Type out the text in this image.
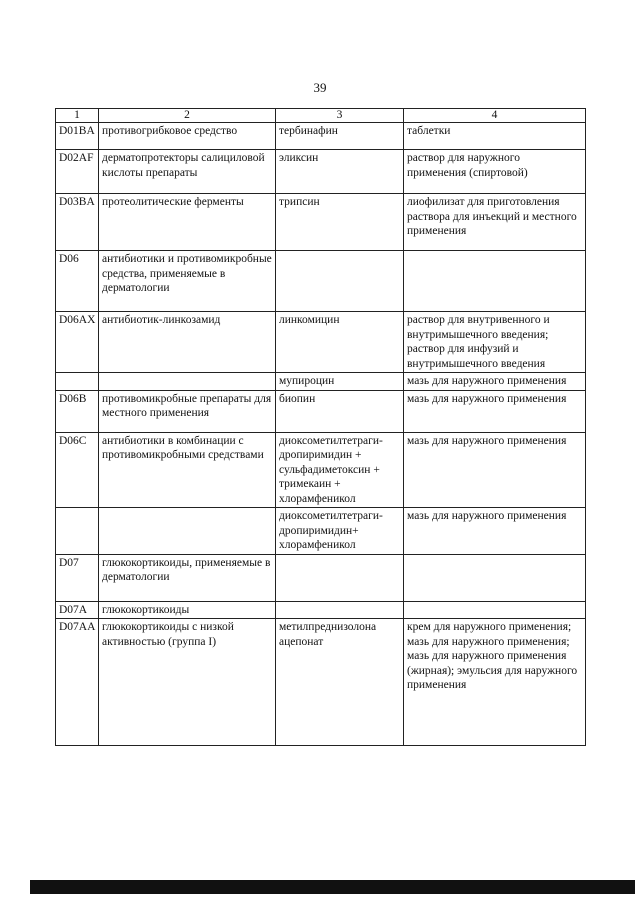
39
1	2	3	4
D01BA	противогрибковое средство	тербинафин	таблетки
D02AF	дерматопротекторы салициловой кислоты препараты	эликсин	раствор для наружного применения (спиртовой)
D03BA	протеолитические ферменты	трипсин	лиофилизат для приготовления раствора для инъекций и местного применения
D06	антибиотики и противомикробные средства, применяемые в дерматологии		
D06AX	антибиотик-линкозамид	линкомицин	раствор для внутривенного и внутримышечного введения; раствор для инфузий и внутримышечного введения
		мупироцин	мазь для наружного применения
D06B	противомикробные препараты для местного применения	биопин	мазь для наружного применения
D06C	антибиотики в комбинации с противомикробными средствами	диоксометилтетраги-дропиримидин + сульфадиметоксин + тримекаин + хлорамфеникол	мазь для наружного применения
		диоксометилтетраги-дропиримидин+ хлорамфеникол	мазь для наружного применения
D07	глюкокортикоиды, применяемые в дерматологии		
D07A	глюкокортикоиды		
D07AA	глюкокортикоиды с низкой активностью (группа I)	метилпреднизолона ацепонат	крем для наружного применения; мазь для наружного применения; мазь для наружного применения (жирная); эмульсия для наружного применения
